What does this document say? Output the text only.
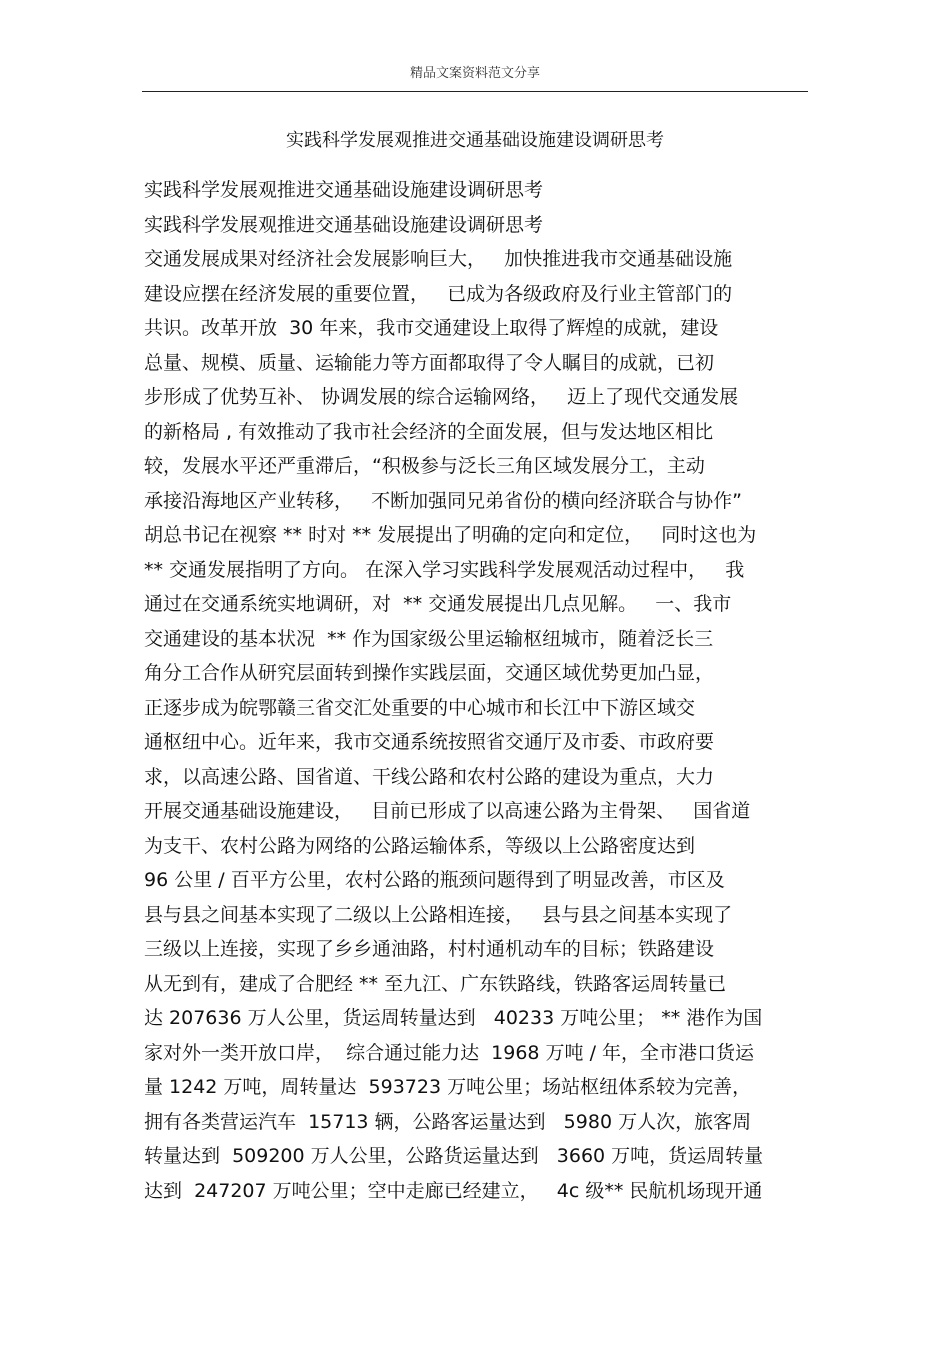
精品文案资料范文分享
实践科学发展观推进交通基础设施建设调研思考
实践科学发展观推进交通基础设施建设调研思考
实践科学发展观推进交通基础设施建设调研思考
交通发展成果对经济社会发展影响巨大，   加快推进我市交通基础设施
建设应摆在经济发展的重要位置，   已成为各级政府及行业主管部门的
共识。改革开放  30 年来，我市交通建设上取得了辉煌的成就，建设
总量、规模、质量、运输能力等方面都取得了令人瞩目的成就，已初
步形成了优势互补、 协调发展的综合运输网络，   迈上了现代交通发展
的新格局 , 有效推动了我市社会经济的全面发展，但与发达地区相比
较，发展水平还严重滞后，“积极参与泛长三角区域发展分工，主动
承接沿海地区产业转移，   不断加强同兄弟省份的横向经济联合与协作”
胡总书记在视察 ** 时对 ** 发展提出了明确的定向和定位，   同时这也为
** 交通发展指明了方向。 在深入学习实践科学发展观活动过程中，   我
通过在交通系统实地调研，对  ** 交通发展提出几点见解。   一、我市
交通建设的基本状况  ** 作为国家级公里运输枢纽城市，随着泛长三
角分工合作从研究层面转到操作实践层面，交通区域优势更加凸显，
正逐步成为皖鄂赣三省交汇处重要的中心城市和长江中下游区域交
通枢纽中心。近年来，我市交通系统按照省交通厅及市委、市政府要
求，以高速公路、国省道、干线公路和农村公路的建设为重点，大力
开展交通基础设施建设，   目前已形成了以高速公路为主骨架、   国省道
为支干、农村公路为网络的公路运输体系，等级以上公路密度达到
96 公里 / 百平方公里，农村公路的瓶颈问题得到了明显改善，市区及
县与县之间基本实现了二级以上公路相连接，   县与县之间基本实现了
三级以上连接，实现了乡乡通油路，村村通机动车的目标；铁路建设
从无到有，建成了合肥经 ** 至九江、广东铁路线，铁路客运周转量已
达 207636 万人公里，货运周转量达到   40233 万吨公里； ** 港作为国
家对外一类开放口岸，  综合通过能力达  1968 万吨 / 年，全市港口货运
量 1242 万吨，周转量达  593723 万吨公里；场站枢纽体系较为完善，
拥有各类营运汽车  15713 辆，公路客运量达到   5980 万人次，旅客周
转量达到  509200 万人公里，公路货运量达到   3660 万吨，货运周转量
达到  247207 万吨公里；空中走廊已经建立，   4c 级** 民航机场现开通
